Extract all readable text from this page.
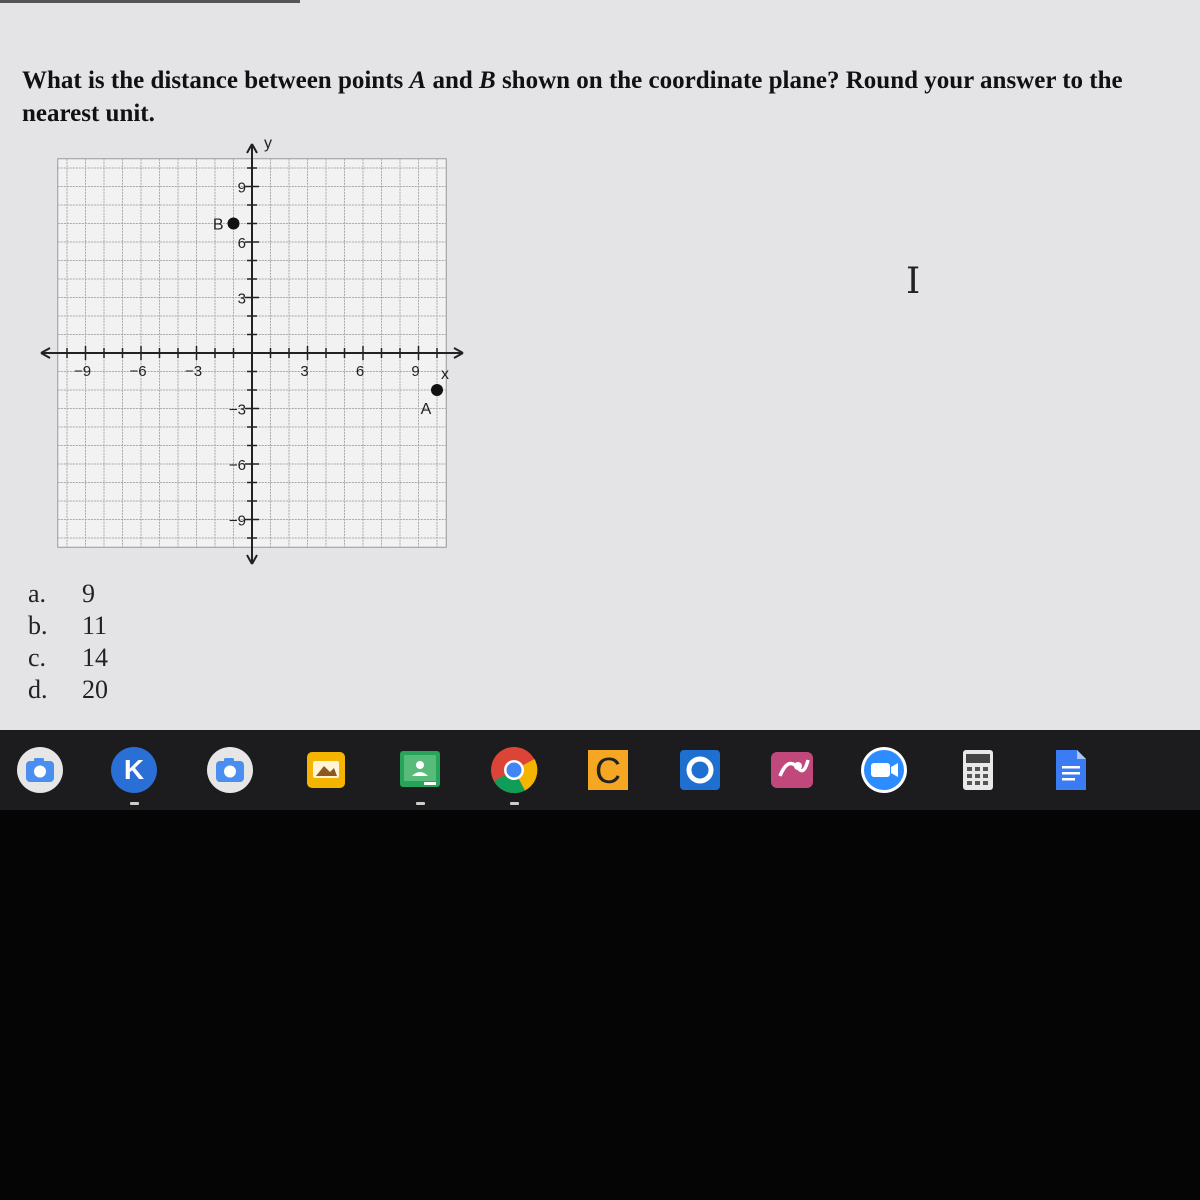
What is the distance between points A and B shown on the coordinate plane? Round your answer to the nearest unit.

−9	−6	−3	3	6	9
9
6
3
−3
−6
−9
x
y
B
A
a.	9
b.	11
c.	14
d.	20
I
K	C
